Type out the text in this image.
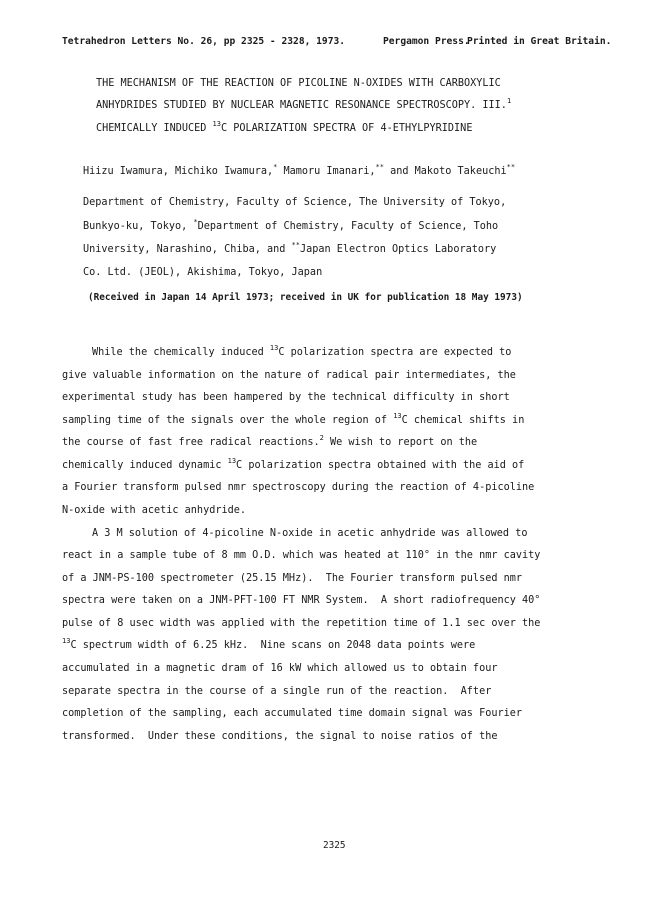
Tetrahedron Letters No. 26, pp 2325 - 2328, 1973.	Pergamon Press.
Printed in Great Britain.
THE MECHANISM OF THE REACTION OF PICOLINE N-OXIDES WITH CARBOXYLIC
ANHYDRIDES STUDIED BY NUCLEAR MAGNETIC RESONANCE SPECTROSCOPY. III.$^1$
CHEMICALLY INDUCED $^{13}$C POLARIZATION SPECTRA OF 4-ETHYLPYRIDINE
Hiizu Iwamura, Michiko Iwamura,* Mamoru Imanari,** and Makoto Takeuchi**
Department of Chemistry, Faculty of Science, The University of Tokyo,
Bunkyo-ku, Tokyo, *Department of Chemistry, Faculty of Science, Toho
University, Narashino, Chiba, and **Japan Electron Optics Laboratory
Co. Ltd. (JEOL), Akishima, Tokyo, Japan
(Received in Japan 14 April 1973; received in UK for publication 18 May 1973)
While the chemically induced $^{13}$C polarization spectra are expected to
give valuable information on the nature of radical pair intermediates, the
experimental study has been hampered by the technical difficulty in short
sampling time of the signals over the whole region of $^{13}$C chemical shifts in
the course of fast free radical reactions.$^2$ We wish to report on the
chemically induced dynamic $^{13}$C polarization spectra obtained with the aid of
a Fourier transform pulsed nmr spectroscopy during the reaction of 4-picoline
N-oxide with acetic anhydride.
A 3 M solution of 4-picoline N-oxide in acetic anhydride was allowed to
react in a sample tube of 8 mm O.D. which was heated at 110° in the nmr cavity
of a JNM-PS-100 spectrometer (25.15 MHz).  The Fourier transform pulsed nmr
spectra were taken on a JNM-PFT-100 FT NMR System.  A short radiofrequency 40°
pulse of 8 usec width was applied with the repetition time of 1.1 sec over the
$^{13}$C spectrum width of 6.25 kHz.  Nine scans on 2048 data points were
accumulated in a magnetic dram of 16 kW which allowed us to obtain four
separate spectra in the course of a single run of the reaction.  After
completion of the sampling, each accumulated time domain signal was Fourier
transformed.  Under these conditions, the signal to noise ratios of the
2325
